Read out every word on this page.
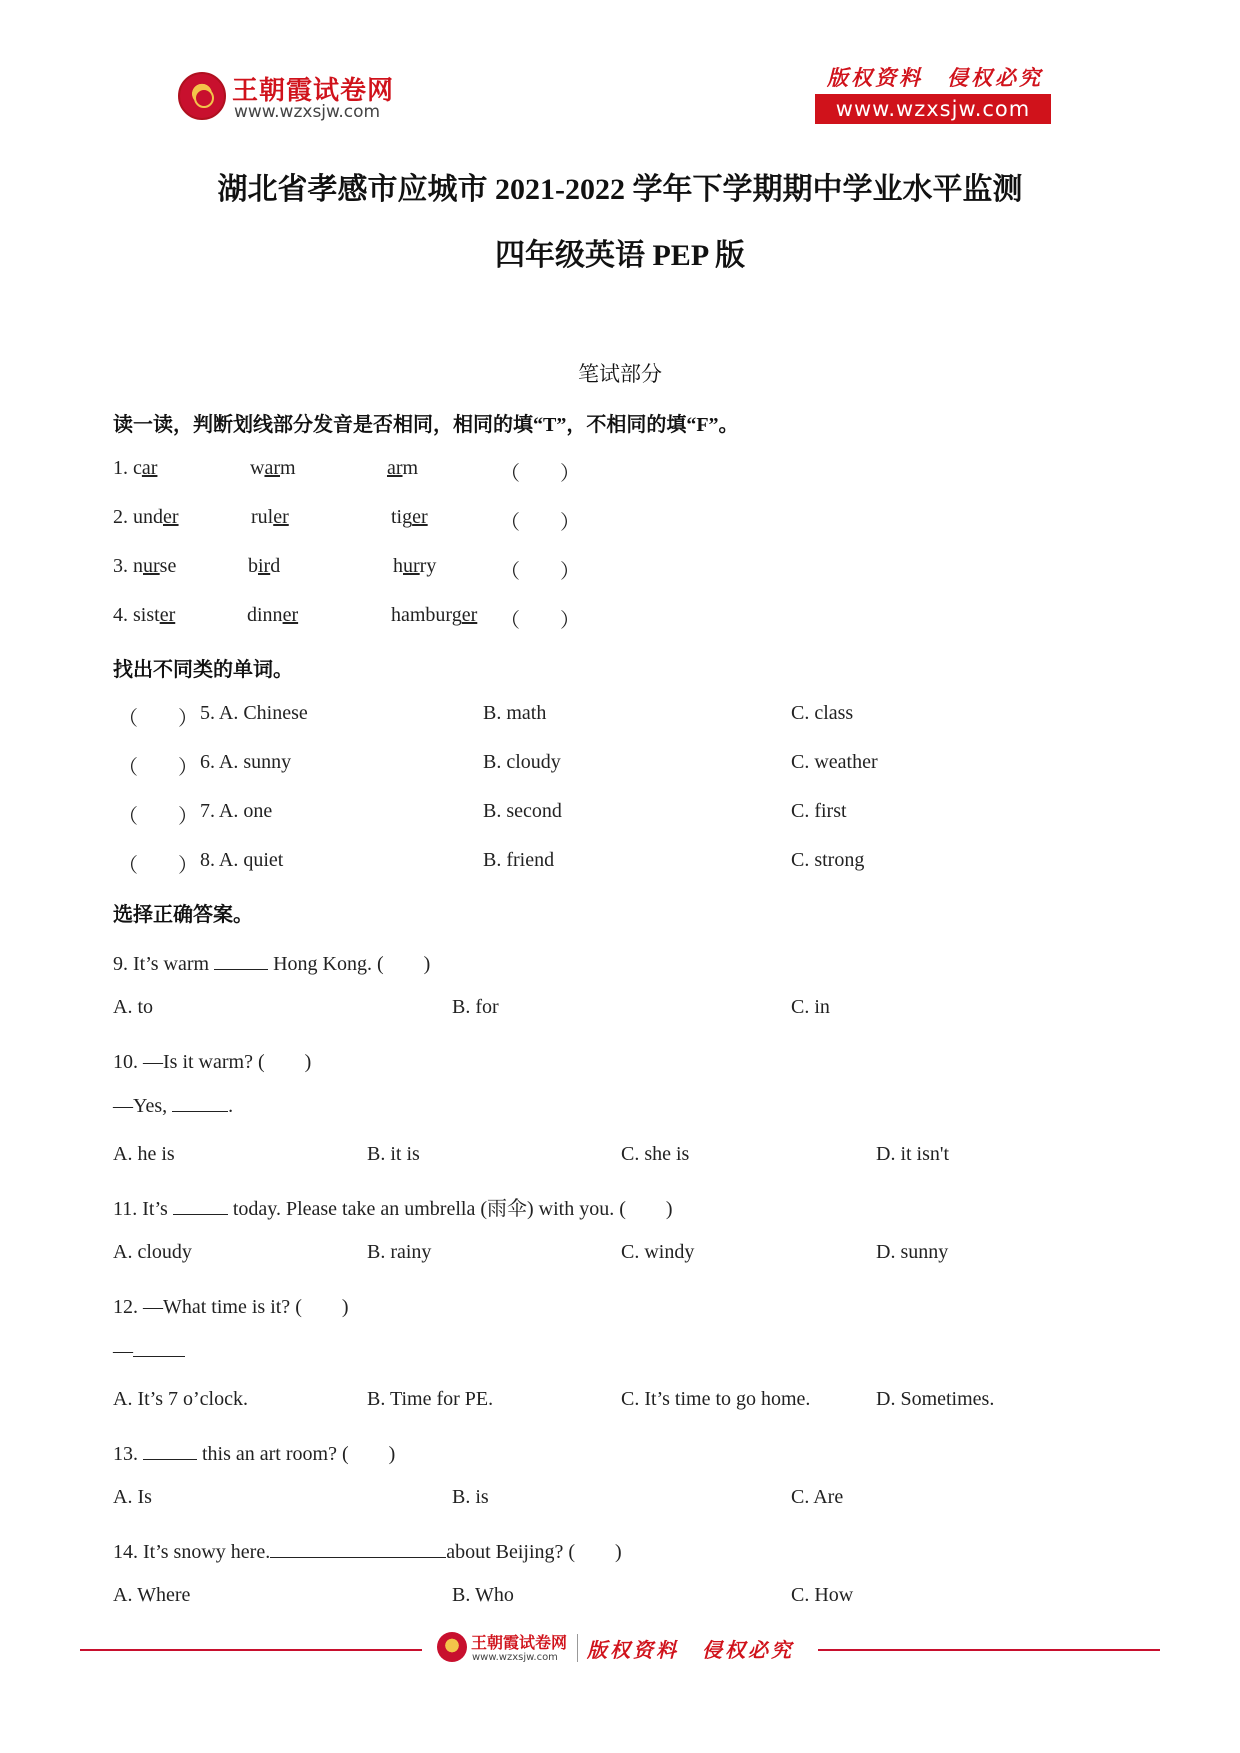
王朝霞试卷网
www.wzxsjw.com
版权资料　侵权必究
www.wzxsjw.com
湖北省孝感市应城市 2021-2022 学年下学期期中学业水平监测
四年级英语 PEP 版
笔试部分
读一读，判断划线部分发音是否相同，相同的填“T”，不相同的填“F”。
1. car	warm	arm	（　　）
2. under	ruler	tiger	（　　）
3. nurse	bird	hurry	（　　）
4. sister	dinner	hamburger （　　）
找出不同类的单词。
（　　） 5. A. Chinese	B. math	C. class
（　　） 6. A. sunny	B. cloudy	C. weather
（　　） 7. A. one	B. second	C. first
（　　） 8. A. quiet	B. friend	C. strong
选择正确答案。
9. It’s warm	Hong Kong. (　　)
A. to	B. for	C. in
10. —Is it warm? (　　)
—Yes,	.
A. he is	B. it is	C. she is	D. it isn't
11. It’s	today. Please take an umbrella (雨伞) with you. (　　)
A. cloudy	B. rainy	C. windy	D. sunny
12. —What time is it? (　　)
—
A. It’s 7 o’clock.	B. Time for PE.	C. It’s time to go home.	D. Sometimes.
13.	this an art room? (　　)
A. Is	B. is	C. Are
14. It’s snowy here.	about Beijing? (　　)
A. Where	B. Who	C. How
王朝霞试卷网
www.wzxsjw.com 版权资料　侵权必究
